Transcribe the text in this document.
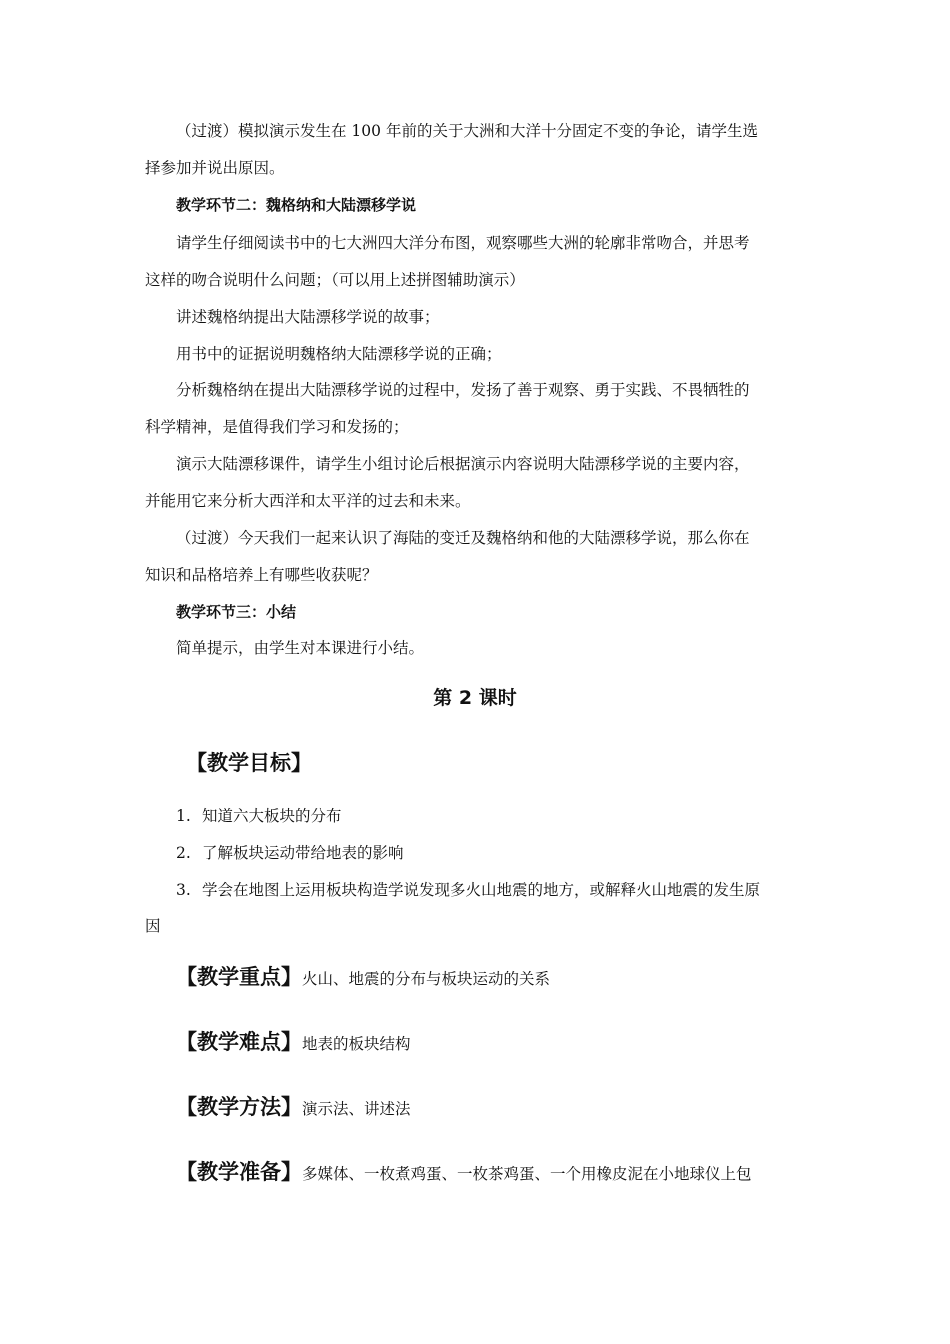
（过渡）模拟演示发生在 100 年前的关于大洲和大洋十分固定不变的争论，请学生选
择参加并说出原因。
教学环节二：魏格纳和大陆漂移学说
请学生仔细阅读书中的七大洲四大洋分布图，观察哪些大洲的轮廓非常吻合，并思考
这样的吻合说明什么问题；（可以用上述拼图辅助演示）
讲述魏格纳提出大陆漂移学说的故事；
用书中的证据说明魏格纳大陆漂移学说的正确；
分析魏格纳在提出大陆漂移学说的过程中，发扬了善于观察、勇于实践、不畏牺牲的
科学精神，是值得我们学习和发扬的；
演示大陆漂移课件，请学生小组讨论后根据演示内容说明大陆漂移学说的主要内容，
并能用它来分析大西洋和太平洋的过去和未来。
（过渡）今天我们一起来认识了海陆的变迁及魏格纳和他的大陆漂移学说，那么你在
知识和品格培养上有哪些收获呢？
教学环节三：小结
简单提示，由学生对本课进行小结。
第 2 课时
【教学目标】
1. 知道六大板块的分布
2. 了解板块运动带给地表的影响
3. 学会在地图上运用板块构造学说发现多火山地震的地方，或解释火山地震的发生原
因
【教学重点】火山、地震的分布与板块运动的关系
【教学难点】地表的板块结构
【教学方法】演示法、讲述法
【教学准备】多媒体、一枚煮鸡蛋、一枚茶鸡蛋、一个用橡皮泥在小地球仪上包
